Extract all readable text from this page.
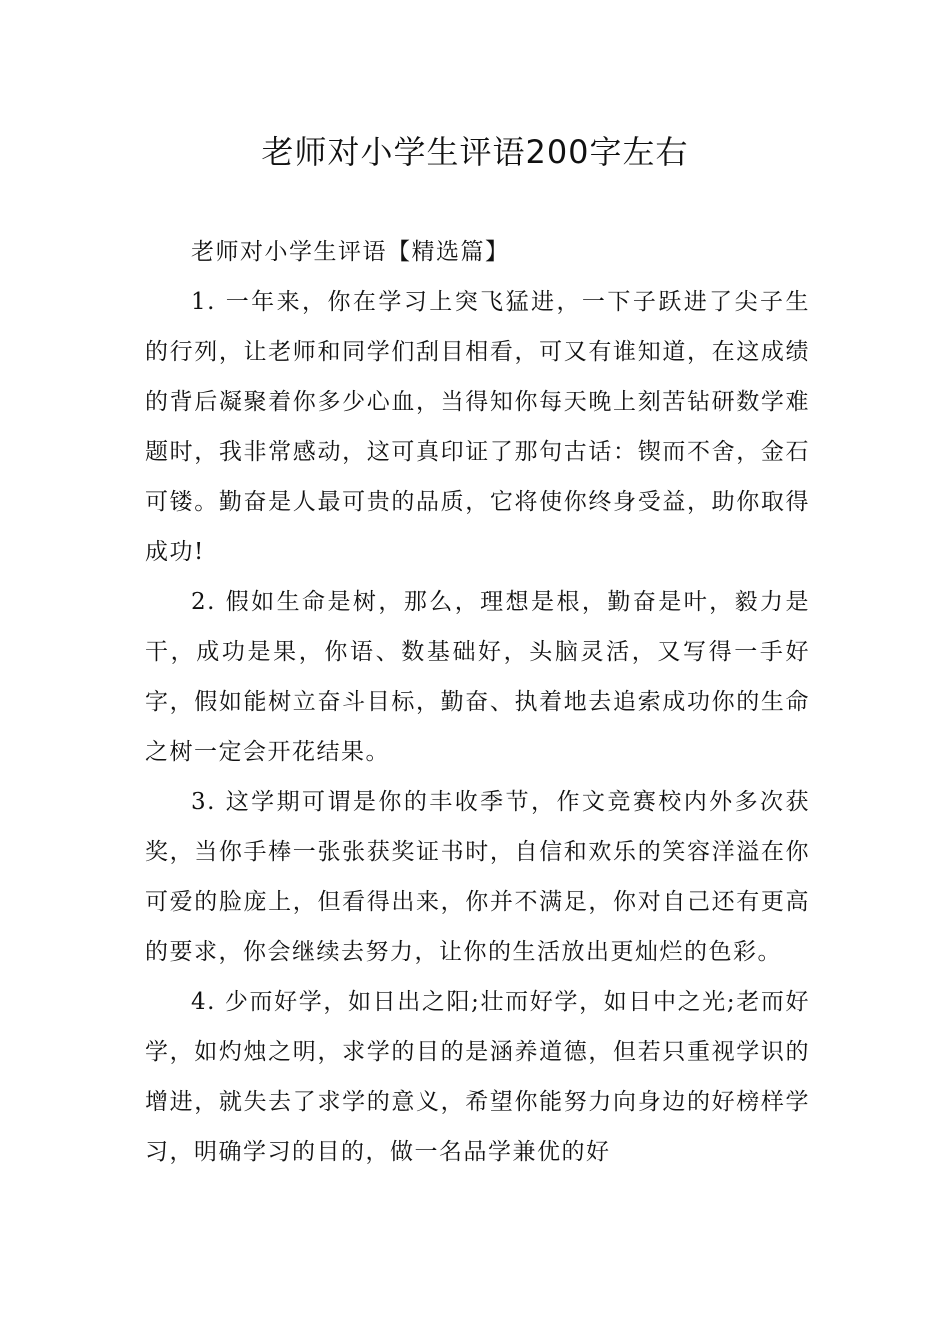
老师对小学生评语200字左右

老师对小学生评语【精选篇】

1. 一年来，你在学习上突飞猛进，一下子跃进了尖子生的行列，让老师和同学们刮目相看，可又有谁知道，在这成绩的背后凝聚着你多少心血，当得知你每天晚上刻苦钻研数学难题时，我非常感动，这可真印证了那句古话：锲而不舍，金石可镂。勤奋是人最可贵的品质，它将使你终身受益，助你取得成功!

2. 假如生命是树，那么，理想是根，勤奋是叶，毅力是干，成功是果，你语、数基础好，头脑灵活，又写得一手好字，假如能树立奋斗目标，勤奋、执着地去追索成功你的生命之树一定会开花结果。

3. 这学期可谓是你的丰收季节，作文竞赛校内外多次获奖，当你手棒一张张获奖证书时，自信和欢乐的笑容洋溢在你可爱的脸庞上，但看得出来，你并不满足，你对自己还有更高的要求，你会继续去努力，让你的生活放出更灿烂的色彩。

4. 少而好学，如日出之阳;壮而好学，如日中之光;老而好学，如灼烛之明，求学的目的是涵养道德，但若只重视学识的增进，就失去了求学的意义，希望你能努力向身边的好榜样学习，明确学习的目的，做一名品学兼优的好
